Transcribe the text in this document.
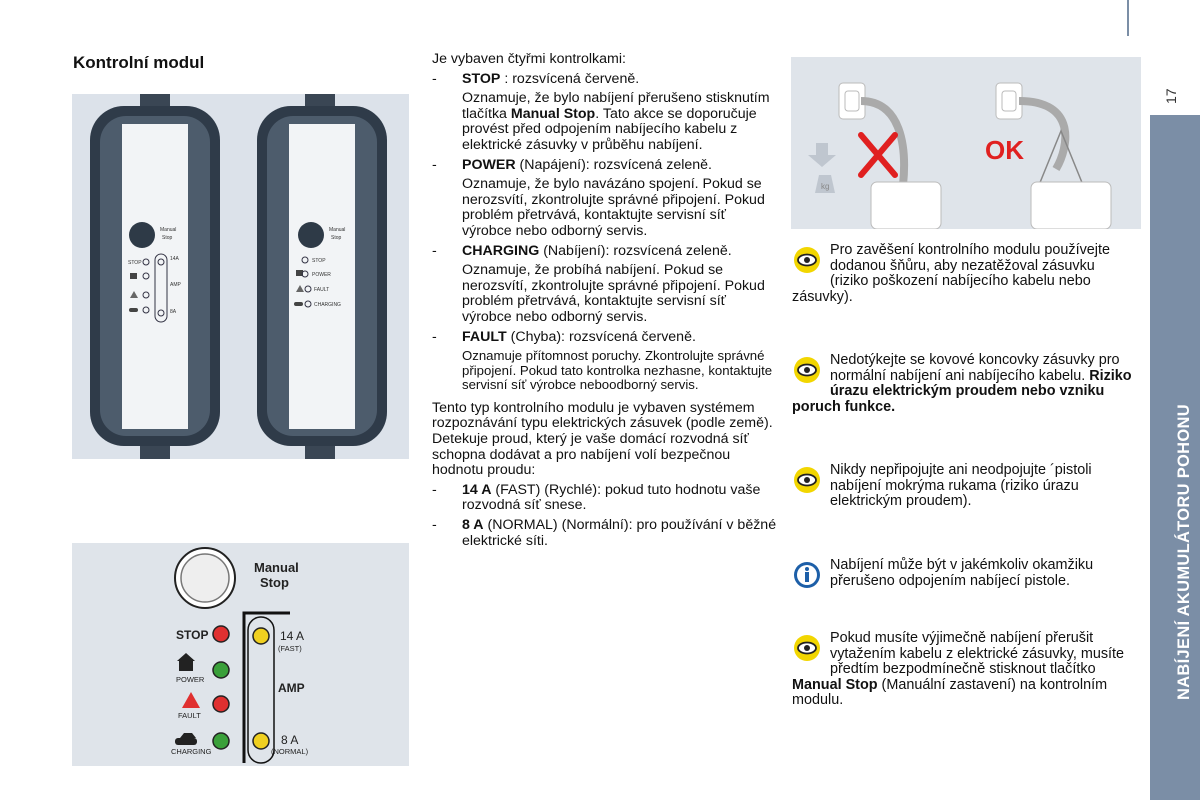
17
NABÍJENÍ AKUMULÁTORU POHONU
Kontrolní modul
Manual
Stop
STOP
14A
AMP
8A
Manual
Stop
STOP
POWER
FAULT
CHARGING
Manual
Stop
STOP
POWER
FAULT
CHARGING
14 A
(FAST)
AMP
8 A
(NORMAL)

Je vybaven čtyřmi kontrolkami:

-	STOP : rozsvícená červeně.
Oznamuje, že bylo nabíjení přerušeno stisknutím tlačítka Manual Stop. Tato akce se doporučuje provést před odpojením nabíjecího kabelu z elektrické zásuvky v průběhu nabíjení.
-	POWER (Napájení): rozsvícená zeleně.
Oznamuje, že bylo navázáno spojení. Pokud se nerozsvítí, zkontrolujte správné připojení. Pokud problém přetrvává, kontaktujte servisní síť výrobce nebo odborný servis.
-	CHARGING (Nabíjení): rozsvícená zeleně.
Oznamuje, že probíhá nabíjení. Pokud se nerozsvítí, zkontrolujte správné připojení. Pokud problém přetrvává, kontaktujte servisní síť výrobce nebo odborný servis.
-	FAULT (Chyba): rozsvícená červeně.
Oznamuje přítomnost poruchy. Zkontrolujte správné připojení. Pokud tato kontrolka nezhasne, kontaktujte servisní síť výrobce neboodborný servis.

Tento typ kontrolního modulu je vybaven systémem rozpoznávání typu elektrických zásuvek (podle země). Detekuje proud, který je vaše domácí rozvodná síť schopna dodávat a pro nabíjení volí bezpečnou hodnotu proudu:

-	14 A (FAST) (Rychlé): pokud tuto hodnotu vaše rozvodná síť snese.
-	8 A (NORMAL) (Normální): pro používání v běžné elektrické síti.
kg
OK

Pro zavěšení kontrolního modulu používejte dodanou šňůru, aby nezatěžoval zásuvku (riziko poškození nabíjecího kabelu nebo zásuvky).

Nedotýkejte se kovové koncovky zásuvky pro normální nabíjení ani nabíjecího kabelu. Riziko úrazu elektrickým proudem nebo vzniku poruch funkce.

Nikdy nepřipojujte ani neodpojujte ´pistoli nabíjení mokrýma rukama (riziko úrazu elektrickým proudem).

Nabíjení může být v jakémkoliv okamžiku přerušeno odpojením nabíjecí pistole.

Pokud musíte výjimečně nabíjení přerušit vytažením kabelu z elektrické zásuvky, musíte předtím bezpodmínečně stisknout tlačítko Manual Stop (Manuální zastavení) na kontrolním modulu.
